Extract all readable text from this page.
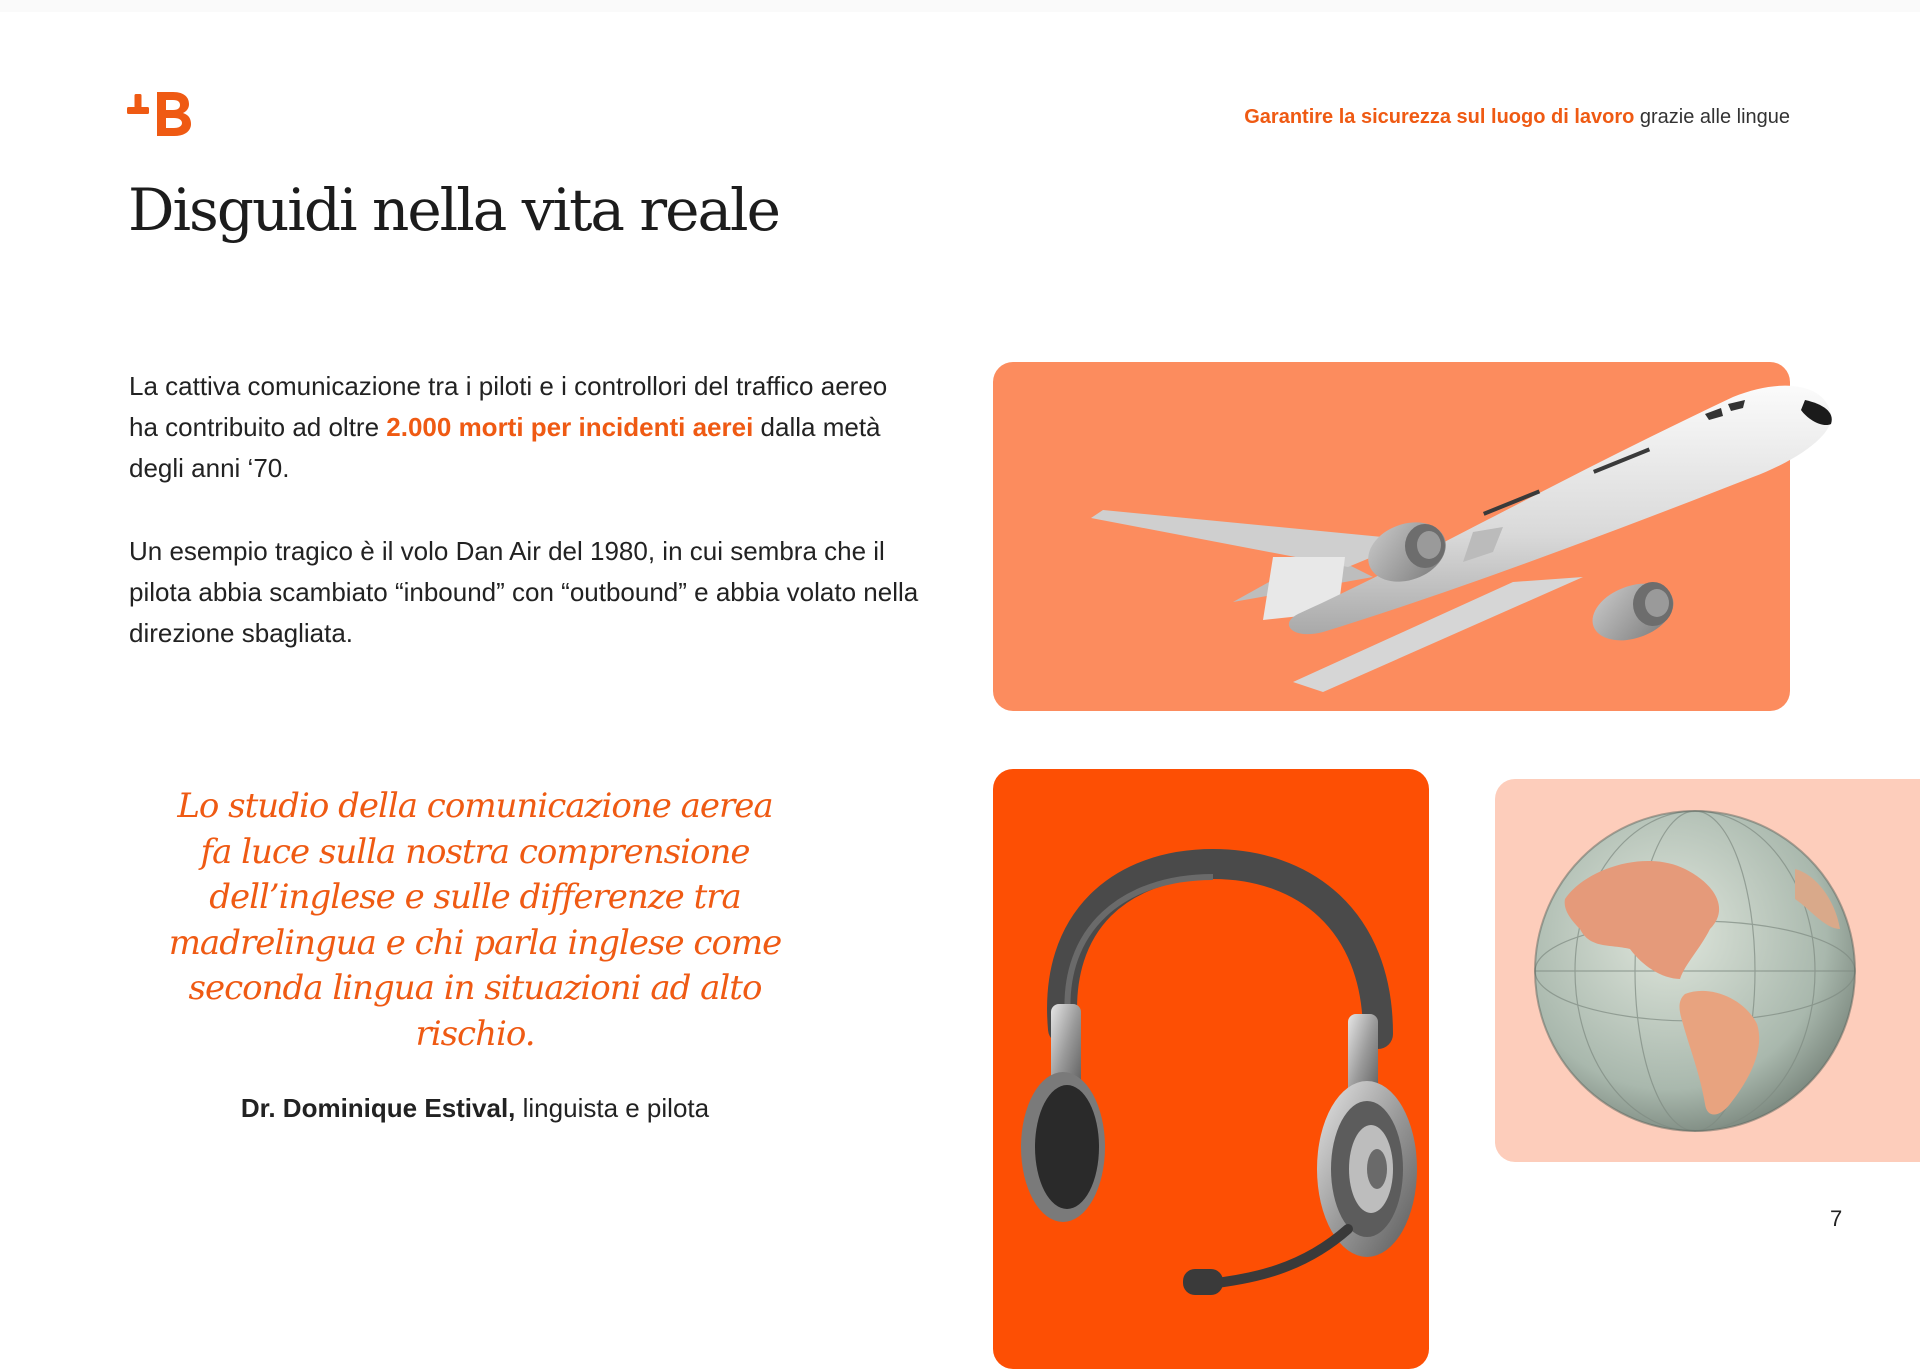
Garantire la sicurezza sul luogo di lavoro grazie alle lingue
Disguidi nella vita reale

La cattiva comunicazione tra i piloti e i controllori del traffico aereo ha contribuito ad oltre 2.000 morti per incidenti aerei dalla metà degli anni ‘70.

Un esempio tragico è il volo Dan Air del 1980, in cui sembra che il pilota abbia scambiato “inbound” con “outbound” e abbia volato nella direzione sbagliata.

Lo studio della comunicazione aerea fa luce sulla nostra comprensione dell’inglese e sulle differenze tra madrelingua e chi parla inglese come seconda lingua in situazioni ad alto rischio.

Dr. Dominique Estival, linguista e pilota
7
